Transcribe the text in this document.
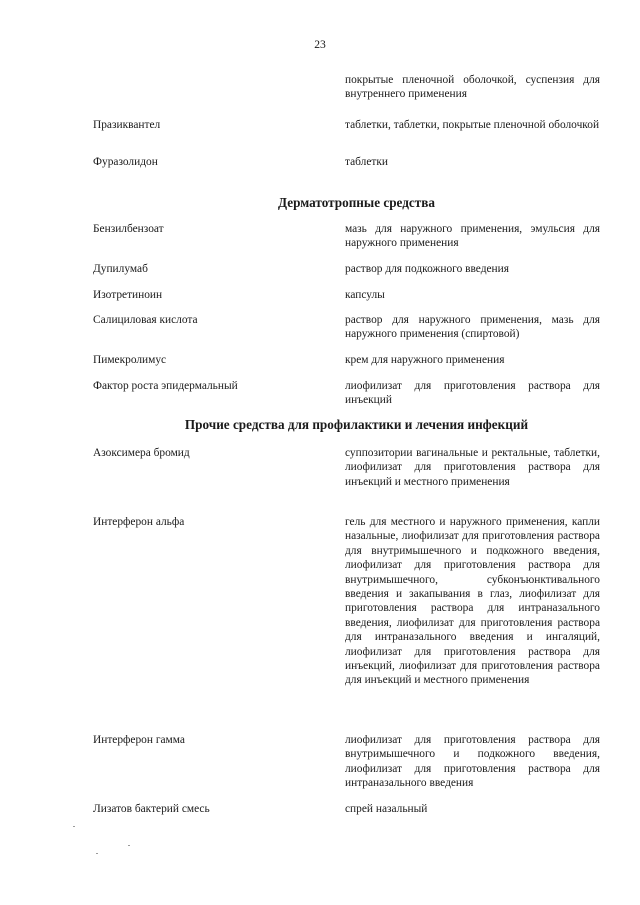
23
покрытые пленочной оболочкой, суспензия для внутреннего применения
Празиквантел	таблетки, таблетки, покрытые пленочной оболочкой
Фуразолидон	таблетки
Дерматотропные средства
Бензилбензоат	мазь для наружного применения, эмульсия для наружного применения
Дупилумаб	раствор для подкожного введения
Изотретиноин	капсулы
Салициловая кислота	раствор для наружного применения, мазь для наружного применения (спиртовой)
Пимекролимус	крем для наружного применения
Фактор роста эпидермальный	лиофилизат для приготовления раствора для инъекций
Прочие средства для профилактики и лечения инфекций
Азоксимера бромид	суппозитории вагинальные и ректальные, таблетки, лиофилизат для приготовления раствора для инъекций и местного применения
Интерферон альфа	гель для местного и наружного применения, капли назальные, лиофилизат для приготовления раствора для внутримышечного и подкожного введения, лиофилизат для приготовления раствора для внутримышечного, субконъюнктивального введения и закапывания в глаз, лиофилизат для приготовления раствора для интраназального введения, лиофилизат для приготовления раствора для интраназального введения и ингаляций, лиофилизат для приготовления раствора для инъекций, лиофилизат для приготовления раствора для инъекций и местного применения
Интерферон гамма	лиофилизат для приготовления раствора для внутримышечного и подкожного введения, лиофилизат для приготовления раствора для интраназального введения
Лизатов бактерий смесь	спрей назальный
